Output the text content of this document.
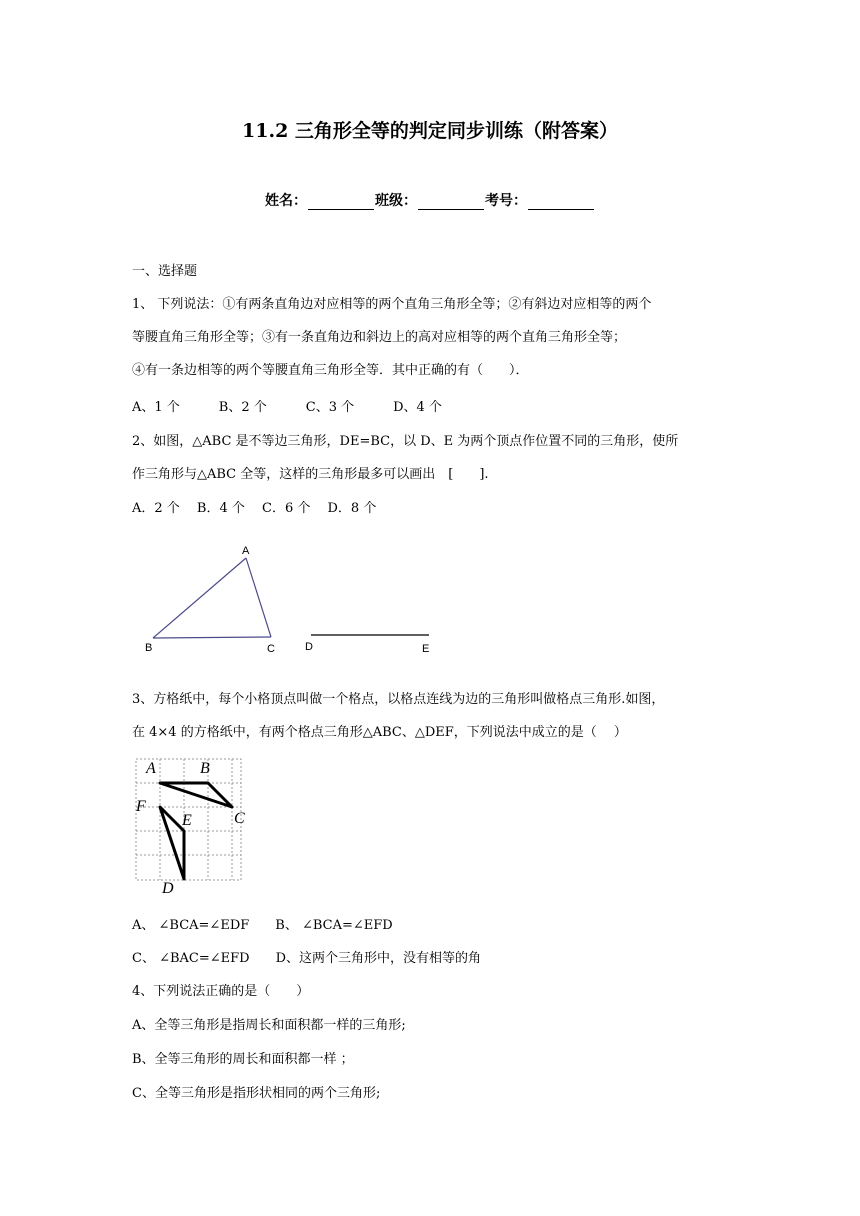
11.2 三角形全等的判定同步训练（附答案）
姓名：	班级：	考号：
一、选择题
1、 下列说法：①有两条直角边对应相等的两个直角三角形全等；②有斜边对应相等的两个
等腰直角三角形全等；③有一条直角边和斜边上的高对应相等的两个直角三角形全等；
④有一条边相等的两个等腰直角三角形全等．其中正确的有（　　）．
A、1 个　　　B、2 个　　　C、3 个　　　D、4 个
2、如图，△ABC 是不等边三角形，DE=BC，以 D、E 为两个顶点作位置不同的三角形，使所
作三角形与△ABC 全等，这样的三角形最多可以画出　[　　].
A．2 个　 B．4 个　 C．6 个　 D．8 个
A
B	C	D	E
3、方格纸中，每个小格顶点叫做一个格点，以格点连线为边的三角形叫做格点三角形.如图，
在 4×4 的方格纸中，有两个格点三角形△ABC、△DEF，下列说法中成立的是（　 ）
A	B
C
D
E
F
A、 ∠BCA=∠EDF　　B、 ∠BCA=∠EFD
C、 ∠BAC=∠EFD　　D、这两个三角形中，没有相等的角
4、下列说法正确的是（　　）
A、全等三角形是指周长和面积都一样的三角形;
B、全等三角形的周长和面积都一样 ；
C、全等三角形是指形状相同的两个三角形;
